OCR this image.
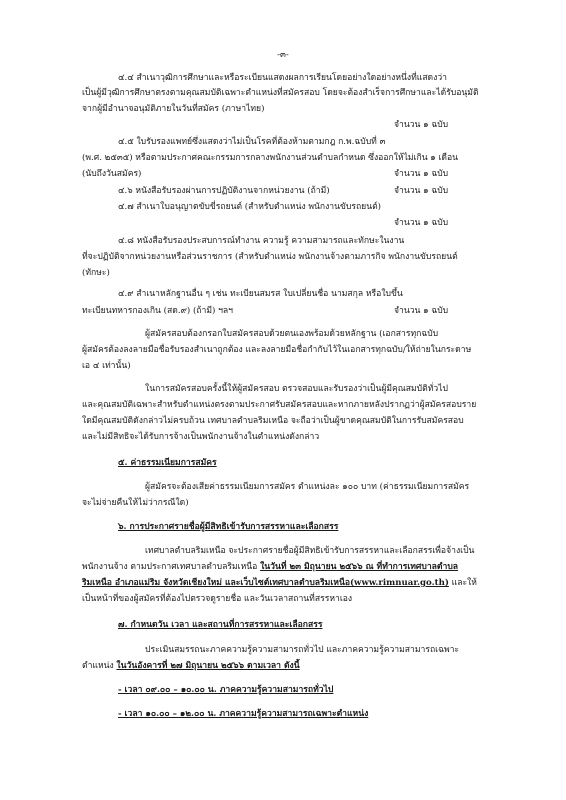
-๓-
๔.๔ สำเนาวุฒิการศึกษาและหรือระเบียนแสดงผลการเรียนโดยอย่างใดอย่างหนึ่งที่แสดงว่า
เป็นผู้มีวุฒิการศึกษาตรงตามคุณสมบัติเฉพาะตำแหน่งที่สมัครสอบ โดยจะต้องสำเร็จการศึกษาและได้รับอนุมัติ
จากผู้มีอำนาจอนุมัติภายในวันที่สมัคร (ภาษาไทย)
จำนวน ๑ ฉบับ
๔.๕ ใบรับรองแพทย์ซึ่งแสดงว่าไม่เป็นโรคที่ต้องห้ามตามกฎ ก.พ.ฉบับที่ ๓
(พ.ศ. ๒๕๓๕) หรือตามประกาศคณะกรรมการกลางพนักงานส่วนตำบลกำหนด ซึ่งออกให้ไม่เกิน ๑ เดือน
(นับถึงวันสมัคร)	จำนวน ๑ ฉบับ
๔.๖ หนังสือรับรองผ่านการปฏิบัติงานจากหน่วยงาน (ถ้ามี)	จำนวน ๑ ฉบับ
๔.๗ สำเนาใบอนุญาตขับขี่รถยนต์ (สำหรับตำแหน่ง พนักงานขับรถยนต์)
จำนวน ๑ ฉบับ
๔.๘ หนังสือรับรองประสบการณ์ทำงาน ความรู้ ความสามารถและทักษะในงาน
ที่จะปฏิบัติจากหน่วยงานหรือส่วนราชการ (สำหรับตำแหน่ง พนักงานจ้างตามภารกิจ พนักงานขับรถยนต์
(ทักษะ)
๔.๙ สำเนาหลักฐานอื่น ๆ เช่น ทะเบียนสมรส ใบเปลี่ยนชื่อ นามสกุล หรือใบขึ้น
ทะเบียนทหารกองเกิน (สด.๙) (ถ้ามี) ฯลฯ	จำนวน ๑ ฉบับ
ผู้สมัครสอบต้องกรอกใบสมัครสอบด้วยตนเองพร้อมด้วยหลักฐาน (เอกสารทุกฉบับ
ผู้สมัครต้องลงลายมือชื่อรับรองสำเนาถูกต้อง และลงลายมือชื่อกำกับไว้ในเอกสารทุกฉบับ/ให้ถ่ายในกระดาษ
เอ ๔ เท่านั้น)
ในการสมัครสอบครั้งนี้ให้ผู้สมัครสอบ ตรวจสอบและรับรองว่าเป็นผู้มีคุณสมบัติทั่วไป
และคุณสมบัติเฉพาะสำหรับตำแหน่งตรงตามประกาศรับสมัครสอบและหากภายหลังปรากฏว่าผู้สมัครสอบราย
ใดมีคุณสมบัติดังกล่าวไม่ครบถ้วน เทศบาลตำบลริมเหนือ จะถือว่าเป็นผู้ขาดคุณสมบัติในการรับสมัครสอบ
และไม่มีสิทธิจะได้รับการจ้างเป็นพนักงานจ้างในตำแหน่งดังกล่าว
๕. ค่าธรรมเนียมการสมัคร
ผู้สมัครจะต้องเสียค่าธรรมเนียมการสมัคร ตำแหน่งละ ๑๐๐ บาท (ค่าธรรมเนียมการสมัคร
จะไม่จ่ายคืนให้ไม่ว่ากรณีใด)
๖. การประกาศรายชื่อผู้มีสิทธิเข้ารับการสรรหาและเลือกสรร
เทศบาลตำบลริมเหนือ จะประกาศรายชื่อผู้มีสิทธิเข้ารับการสรรหาและเลือกสรรเพื่อจ้างเป็น
พนักงานจ้าง ตามประกาศเทศบาลตำบลริมเหนือ ในวันที่ ๒๓ มิถุนายน ๒๕๖๖ ณ ที่ทำการเทศบาลตำบล
ริมเหนือ อำเภอแม่ริม จังหวัดเชียงใหม่ และเว็บไซต์เทศบาลตำบลริมเหนือ(www.rimnuar.go.th) และให้
เป็นหน้าที่ของผู้สมัครที่ต้องไปตรวจดูรายชื่อ และวันเวลาสถานที่สรรหาเอง
๗. กำหนดวัน เวลา และสถานที่การสรรหาและเลือกสรร
ประเมินสมรรถนะภาคความรู้ความสามารถทั่วไป และภาคความรู้ความสามารถเฉพาะ
ตำแหน่ง ในวันอังคารที่ ๒๗ มิถุนายน ๒๕๖๖ ตามเวลา ดังนี้
- เวลา ๐๙.๐๐ – ๑๐.๐๐ น. ภาคความรู้ความสามารถทั่วไป
- เวลา ๑๐.๐๐ – ๑๒.๐๐ น. ภาคความรู้ความสามารถเฉพาะตำแหน่ง
